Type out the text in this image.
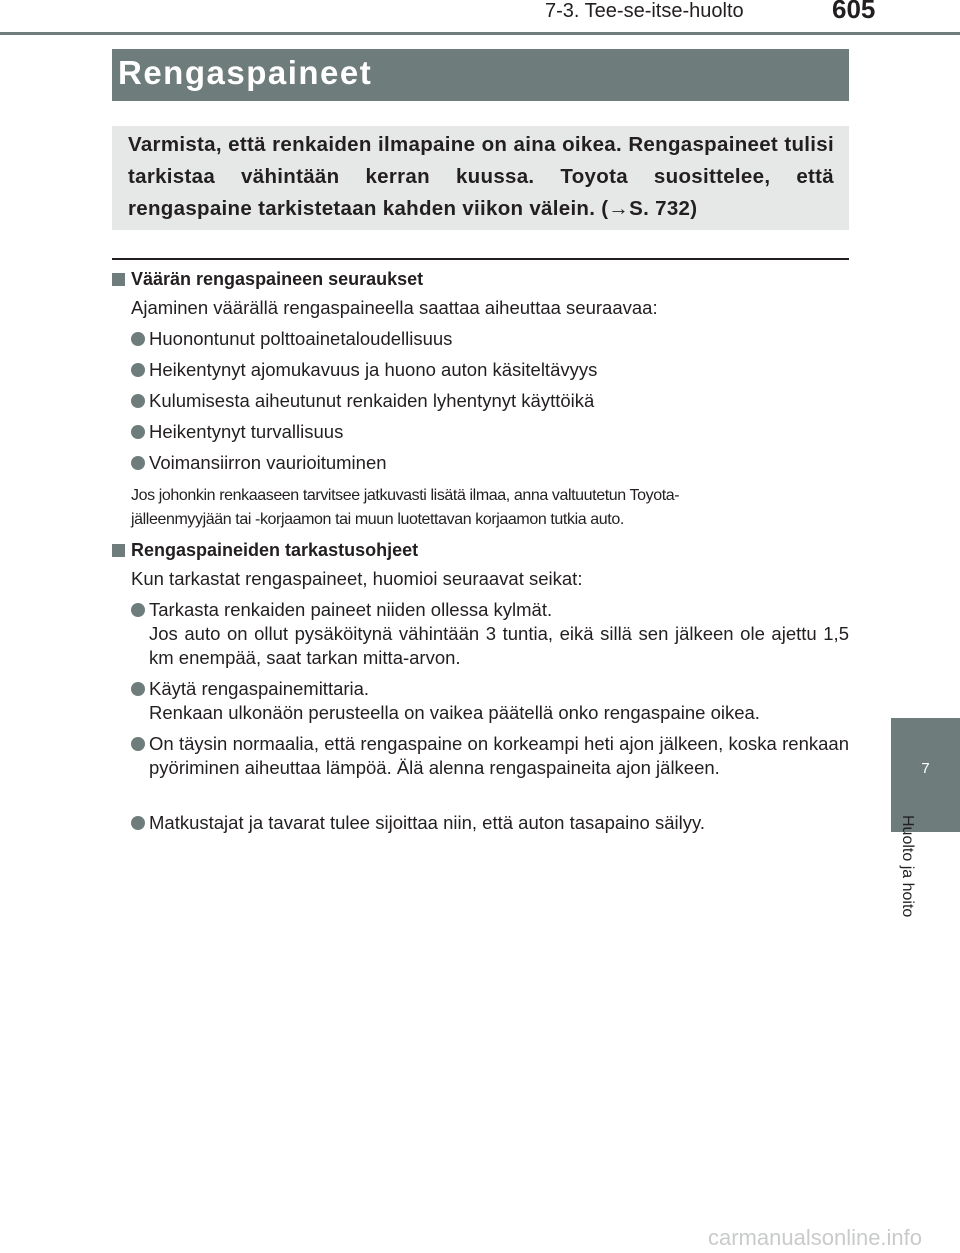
7-3. Tee-se-itse-huolto	605
Rengaspaineet
Varmista, että renkaiden ilmapaine on aina oikea. Rengaspaineet tulisi tarkistaa vähintään kerran kuussa. Toyota suosittelee, että rengaspaine tarkistetaan kahden viikon välein. (→S. 732)
Väärän rengaspaineen seuraukset
Ajaminen väärällä rengaspaineella saattaa aiheuttaa seuraavaa:
Huonontunut polttoainetaloudellisuus
Heikentynyt ajomukavuus ja huono auton käsiteltävyys
Kulumisesta aiheutunut renkaiden lyhentynyt käyttöikä
Heikentynyt turvallisuus
Voimansiirron vaurioituminen
Jos johonkin renkaaseen tarvitsee jatkuvasti lisätä ilmaa, anna valtuutetun Toyota-
jälleenmyyjään tai -korjaamon tai muun luotettavan korjaamon tutkia auto.
Rengaspaineiden tarkastusohjeet
Kun tarkastat rengaspaineet, huomioi seuraavat seikat:
Tarkasta renkaiden paineet niiden ollessa kylmät.
Jos auto on ollut pysäköitynä vähintään 3 tuntia, eikä sillä sen jälkeen ole ajettu 1,5 km enempää, saat tarkan mitta-arvon.
Käytä rengaspainemittaria.
Renkaan ulkonäön perusteella on vaikea päätellä onko rengaspaine oikea.
On täysin normaalia, että rengaspaine on korkeampi heti ajon jälkeen, koska renkaan pyöriminen aiheuttaa lämpöä. Älä alenna rengaspaineita ajon jälkeen.
Matkustajat ja tavarat tulee sijoittaa niin, että auton tasapaino säilyy.
7
Huolto ja hoito
carmanualsonline.info
